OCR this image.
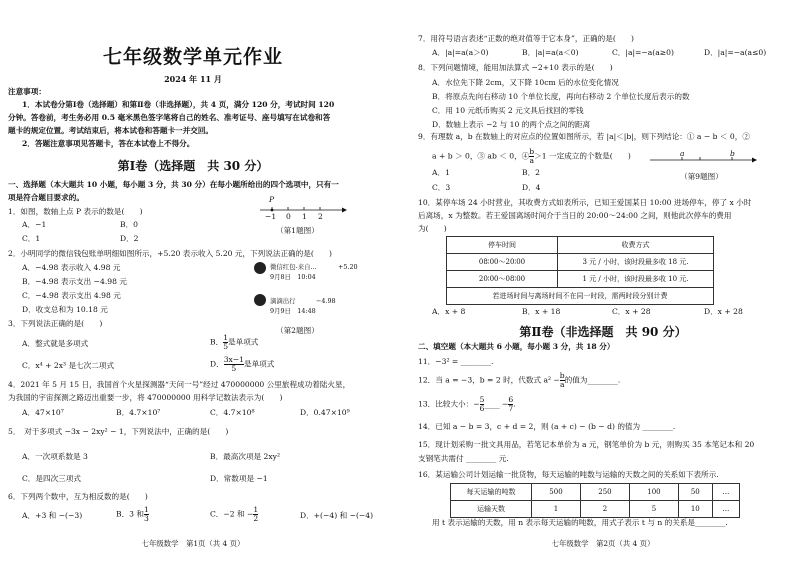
七年级数学单元作业
2024 年 11 月
注意事项：
1．本试卷分第Ⅰ卷（选择题）和第Ⅱ卷（非选择题），共 4 页，满分 120 分，考试时间 120
分钟。答卷前，考生务必用 0.5 毫米黑色签字笔将自己的姓名、准考证号、座号填写在试卷和答
题卡的规定位置。考试结束后，将本试卷和答题卡一并交回。
2．答题注意事项见答题卡，答在本试卷上不得分。
第Ⅰ卷（选择题　共 30 分）
一、选择题（本大题共 10 小题，每小题 3 分，共 30 分）在每小题所给出的四个选项中，只有一
项是符合题目要求的。
1．如图，数轴上点 P 表示的数是(　　)
A．−1	B．0
C．1	D．2
P
−1 0 1 2
（第1题图）
2．小明同学的微信钱包账单明细如图所示，+5.20 表示收入 5.20 元，下列说法正确的是(　　)
A．−4.98 表示收入 4.98 元
B．−4.98 表示支出 −4.98 元
C．−4.98 表示支出 4.98 元
D．收支总和为 10.18 元
微信红包-来自...	+5.20
9月8日　10:04
滴滴出行	−4.98
9月9日　14:48
（第2题图）
3．下列说法正确的是(　　)
A．整式就是多项式	B． $\frac{1}{5}$ 是单项式
C．x⁴ + 2x³ 是七次二项式	D． $\frac{3x-1}{5}$ 是单项式
4．2021 年 5 月 15 日，我国首个火星探测器“天问一号”经过 470000000 公里旅程成功着陆火星，
为我国的宇宙探测之路迈出重要一步，将 470000000 用科学记数法表示为(　　)
A．47×10⁷	B．4.7×10⁷	C．4.7×10⁸	D．0.47×10⁹
5．　对于多项式 −3x − 2xy² − 1，下列说法中，正确的是(　　)
A．一次项系数是 3	B．最高次项是 2xy²
C．是四次三项式	D．常数项是 −1
6．下列两个数中，互为相反数的是(　　)
A．+3 和 −(−3)	B．3 和 $\frac{1}{3}$	C．−2 和 − $\frac{1}{2}$	D．+(−4) 和 −(−4)
七年级数学　第1页（共 4 页）
7．用符号语言表述“正数的绝对值等于它本身”，正确的是(　　)
A．|a|=a(a＞0)	B．|a|=a(a＜0)	C．|a|=−a(a≥0)	D．|a|=−a(a≤0)
8．下列问题情境，能用加法算式 −2+10 表示的是(　　)
A．水位先下降 2cm，又下降 10cm 后的水位变化情况
B．将原点先向右移动 10 个单位长度，再向右移动 2 个单位长度后表示的数
C．用 10 元纸币购买 2 元文具后找回的零钱
D．数轴上表示 −2 与 10 的两个点之间的距离
9．有理数 a，b 在数轴上的对应点的位置如图所示，若 |a|＜|b|，则下列结论：① a − b ＜ 0，②
a + b ＞ 0，③ ab ＜ 0，④ $\frac{b}{a} >1$ 一定成立的个数是(　　)	a	b
A．1	B．2
C．3	D．4
（第9题图）
10．某停车场 24 小时营业，其收费方式如表所示，已知王爱国某日 10:00 进场停车，停了 x 小时
后离场，x 为整数。若王爱国离场时间介于当日的 20:00～24:00 之间，则他此次停车的费用
为(　　)
停车时间	收费方式
08∶00～20∶00	3 元 / 小时，该时段最多收 18 元.
20∶00～08∶00	1 元 / 小时，该时段最多收 10 元.
若进场时间与离场时间不在同一时段，需两时段分别计费	
A．x + 8	B．x + 18	C．x + 28	D．x + 28
第Ⅱ卷（非选择题　共 90 分）
二、填空题（本大题共 6 小题，每小题 3 分，共 18 分）
11．−3² = ________.
12．当 a = −3，b = 2 时，代数式 $a^2 - \frac{b}{a}$ 的值为________.
13．比较大小：− $\frac{5}{6}$ ____ − $\frac{6}{7}$ .
14．已知 a − b = 3，c + d = 2，则 (a + c) − (b − d) 的值为 ________.
15．现计划采购一批文具用品，若笔记本单价为 a 元，钢笔单价为 b 元，则购买 35 本笔记本和 20
支钢笔共需付 ________ 元.
16．某运输公司计划运输一批货物，每天运输的吨数与运输的天数之间的关系如下表所示.
每天运输的吨数	500	250	100	50	…
运输天数	1	2	5	10	…
用 t 表示运输的天数，用 n 表示每天运输的吨数，用式子表示 t 与 n 的关系是________.
七年级数学　第2页（共 4 页）
